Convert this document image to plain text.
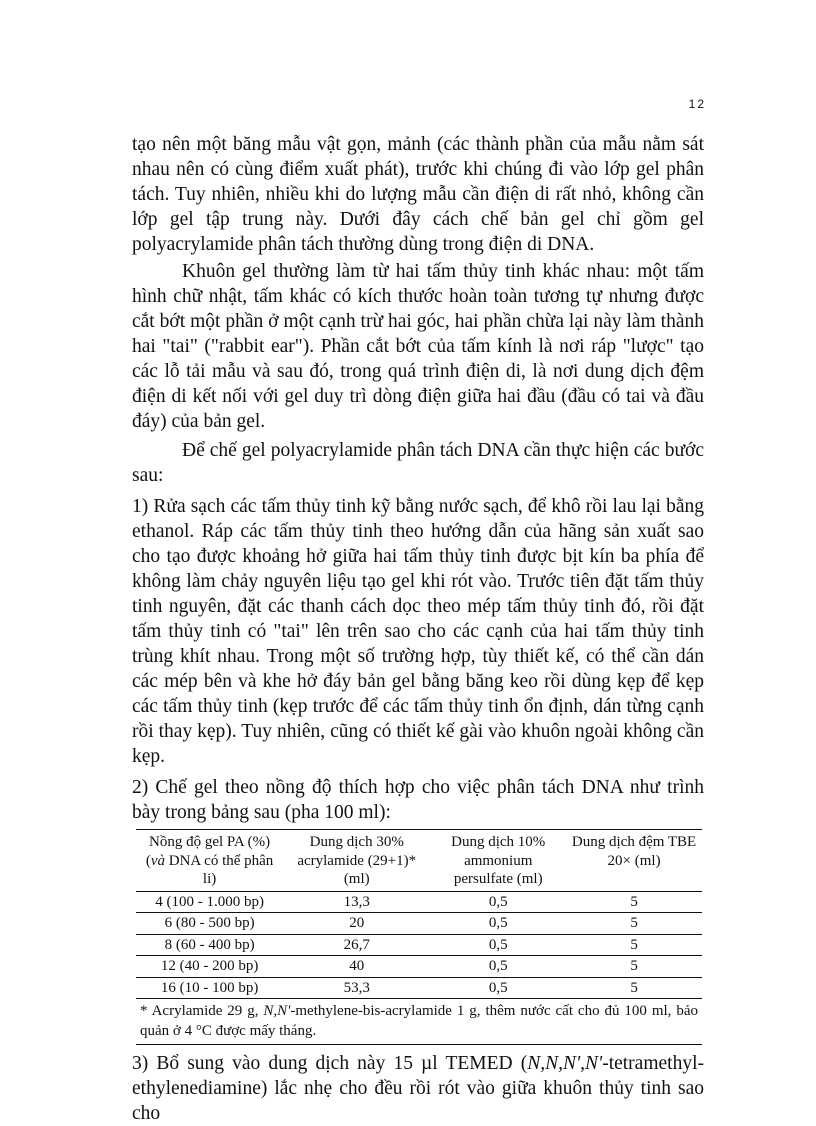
12

tạo nên một băng mẫu vật gọn, mảnh (các thành phần của mẫu nằm sát nhau nên có cùng điểm xuất phát), trước khi chúng đi vào lớp gel phân tách. Tuy nhiên, nhiều khi do lượng mẫu cần điện di rất nhỏ, không cần lớp gel tập trung này. Dưới đây cách chế bản gel chỉ gồm gel polyacrylamide phân tách thường dùng trong điện di DNA.

Khuôn gel thường làm từ hai tấm thủy tinh khác nhau: một tấm hình chữ nhật, tấm khác có kích thước hoàn toàn tương tự nhưng được cắt bớt một phần ở một cạnh trừ hai góc, hai phần chừa lại này làm thành hai "tai" ("rabbit ear"). Phần cắt bớt của tấm kính là nơi ráp "lược" tạo các lỗ tải mẫu và sau đó, trong quá trình điện di, là nơi dung dịch đệm điện di kết nối với gel duy trì dòng điện giữa hai đầu (đầu có tai và đầu đáy) của bản gel.

Để chế gel polyacrylamide phân tách DNA cần thực hiện các bước sau:

1) Rửa sạch các tấm thủy tinh kỹ bằng nước sạch, để khô rồi lau lại bằng ethanol. Ráp các tấm thủy tinh theo hướng dẫn của hãng sản xuất sao cho tạo được khoảng hở giữa hai tấm thủy tinh được bịt kín ba phía để không làm chảy nguyên liệu tạo gel khi rót vào. Trước tiên đặt tấm thủy tinh nguyên, đặt các thanh cách dọc theo mép tấm thủy tinh đó, rồi đặt tấm thủy tinh có "tai" lên trên sao cho các cạnh của hai tấm thủy tinh trùng khít nhau. Trong một số trường hợp, tùy thiết kế, có thể cần dán các mép bên và khe hở đáy bản gel bằng băng keo rồi dùng kẹp để kẹp các tấm thủy tinh (kẹp trước để các tấm thủy tinh ổn định, dán từng cạnh rồi thay kẹp). Tuy nhiên, cũng có thiết kế gài vào khuôn ngoài không cần kẹp.

2) Chế gel theo nồng độ thích hợp cho việc phân tách DNA như trình bày trong bảng sau (pha 100 ml):

Nồng độ gel PA (%) (và DNA có thể phân li)	Dung dịch 30% acrylamide (29+1)* (ml)	Dung dịch 10% ammonium persulfate (ml)	Dung dịch đệm TBE 20× (ml)
4 (100 - 1.000 bp)	13,3	0,5	5
6 (80 - 500 bp)	20	0,5	5
8 (60 - 400 bp)	26,7	0,5	5
12 (40 - 200 bp)	40	0,5	5
16 (10 - 100 bp)	53,3	0,5	5
* Acrylamide 29 g, N,N'-methylene-bis-acrylamide 1 g, thêm nước cất cho đủ 100 ml, bảo quản ở 4 °C được mấy tháng.

3) Bổ sung vào dung dịch này 15 µl TEMED (N,N,N',N'-tetramethyl-ethylenediamine) lắc nhẹ cho đều rồi rót vào giữa khuôn thủy tinh sao cho
